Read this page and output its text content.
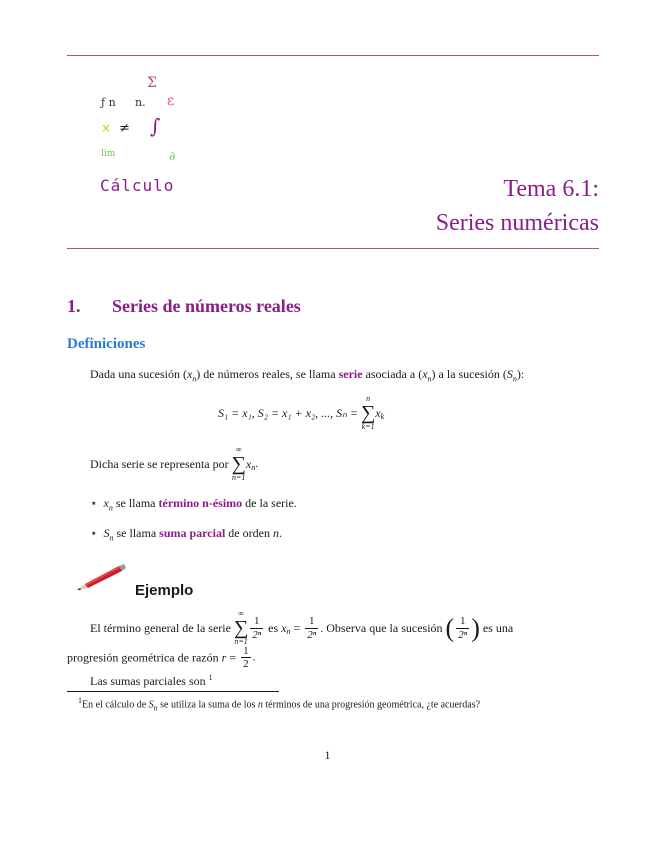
Σ
ƒ n n. ε
× ≠ ∫
lim	∂
Cálculo	Tema 6.1:
Series numéricas
1. Series de números reales
Definiciones
Dada una sucesión $(x_n)$ de números reales, se llama serie asociada a $(x_n)$ a la sucesión $(S_n)$:
S₁ = x₁, S₂ = x₁ + x₂, ..., Sₙ =
n
∑
k=1
$x_k$
Dicha serie se representa por
∞
∑
n=1
$x_n$.
⋆ $x_n$ se llama término n-ésimo de la serie.
⋆ $S_n$ se llama suma parcial de orden n.
Ejemplo
El término general de la serie
∞
∑
n=1
$\frac{1}{\text{2ⁿ}}$ es $x_n = \frac{1}{\text{2ⁿ}}$ . Observa que la sucesión ( $\frac{1}{\text{2ⁿ}}$ ) es una
progresión geométrica de razón $r = \frac{1}{2}$ .
Las sumas parciales son $^1$
$^1$En el cálculo de $S_n$ se utiliza la suma de los n términos de una progresión geométrica, ¿te acuerdas?
1
